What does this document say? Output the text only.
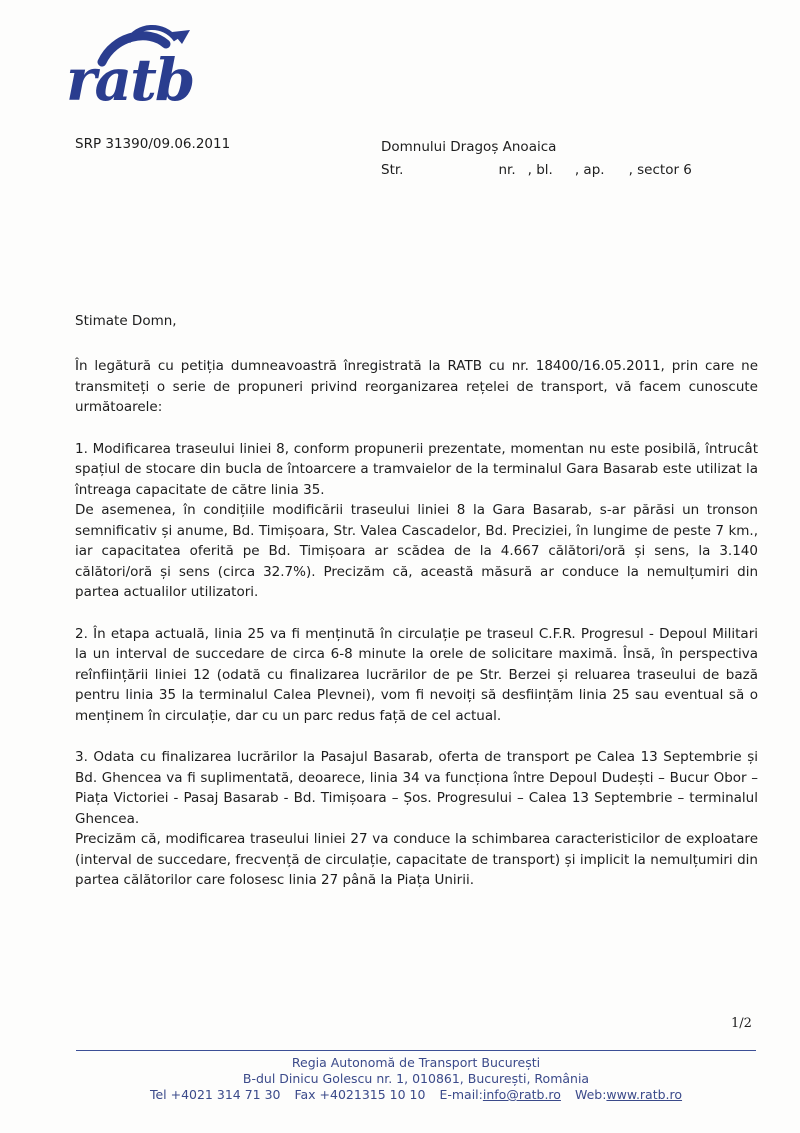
ratb
SRP 31390/09.06.2011	Domnului Dragoș Anoaica
Str.	nr. , bl. , ap. , sector 6
Stimate Domn,

În legătură cu petiția dumneavoastră înregistrată la RATB cu nr. 18400/16.05.2011, prin care ne transmiteți o serie de propuneri privind reorganizarea rețelei de transport, vă facem cunoscute următoarele:

1. Modificarea traseului liniei 8, conform propunerii prezentate, momentan nu este posibilă, întrucât spațiul de stocare din bucla de întoarcere a tramvaielor de la terminalul Gara Basarab este utilizat la întreaga capacitate de către linia 35.

De asemenea, în condițiile modificării traseului liniei 8 la Gara Basarab, s-ar părăsi un tronson semnificativ și anume, Bd. Timișoara, Str. Valea Cascadelor, Bd. Preciziei, în lungime de peste 7 km., iar capacitatea oferită pe Bd. Timișoara ar scădea de la 4.667 călători/oră și sens, la 3.140 călători/oră și sens (circa 32.7%). Precizăm că, această măsură ar conduce la nemulțumiri din partea actualilor utilizatori.

2. În etapa actuală, linia 25 va fi menținută în circulație pe traseul C.F.R. Progresul - Depoul Militari la un interval de succedare de circa 6-8 minute la orele de solicitare maximă. Însă, în perspectiva reînființării liniei 12 (odată cu finalizarea lucrărilor de pe Str. Berzei și reluarea traseului de bază pentru linia 35 la terminalul Calea Plevnei), vom fi nevoiți să desființăm linia 25 sau eventual să o menținem în circulație, dar cu un parc redus față de cel actual.

3. Odata cu finalizarea lucrărilor la Pasajul Basarab, oferta de transport pe Calea 13 Septembrie și Bd. Ghencea va fi suplimentată, deoarece, linia 34 va funcționa între Depoul Dudești – Bucur Obor – Piața Victoriei - Pasaj Basarab - Bd. Timișoara – Șos. Progresului – Calea 13 Septembrie – terminalul Ghencea.

Precizăm că, modificarea traseului liniei 27 va conduce la schimbarea caracteristicilor de exploatare (interval de succedare, frecvență de circulație, capacitate de transport) și implicit la nemulțumiri din partea călătorilor care folosesc linia 27 până la Piața Unirii.

1/2
Regia Autonomă de Transport București
B-dul Dinicu Golescu nr. 1, 010861, București, România
Tel +4021 314 71 30 Fax +4021315 10 10 E-mail:info@ratb.ro Web:www.ratb.ro
